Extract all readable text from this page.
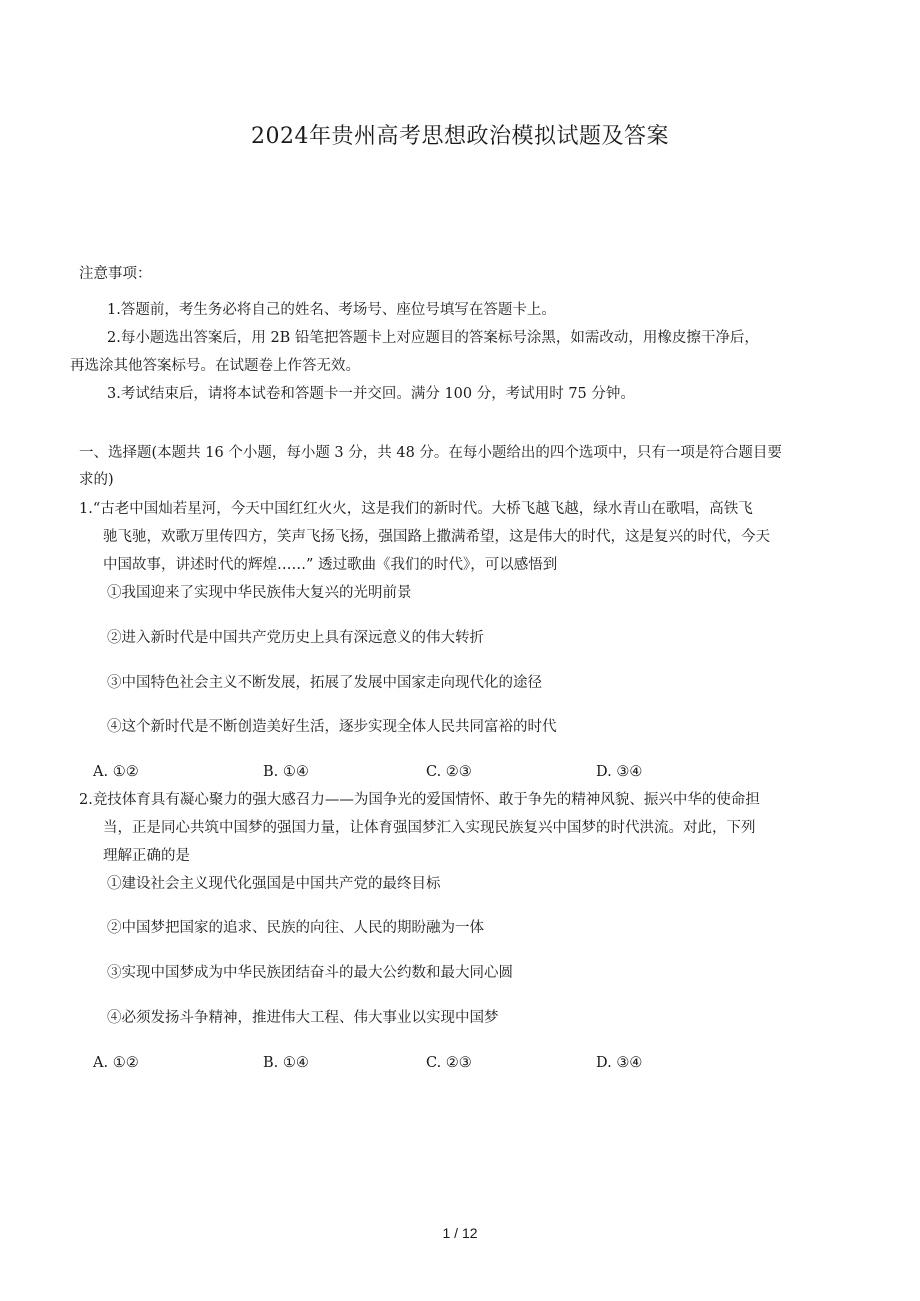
2024年贵州高考思想政治模拟试题及答案
注意事项：
1.答题前，考生务必将自己的姓名、考场号、座位号填写在答题卡上。
2.每小题选出答案后，用 2B 铅笔把答题卡上对应题目的答案标号涂黑，如需改动，用橡皮擦干净后，
再选涂其他答案标号。在试题卷上作答无效。
3.考试结束后，请将本试卷和答题卡一并交回。满分 100 分，考试用时 75 分钟。
一、选择题(本题共 16 个小题，每小题 3 分，共 48 分。在每小题给出的四个选项中，只有一项是符合题目要
求的)
1.“古老中国灿若星河，今天中国红红火火，这是我们的新时代。大桥飞越飞越，绿水青山在歌唱，高铁飞
驰飞驰，欢歌万里传四方，笑声飞扬飞扬，强国路上撒满希望，这是伟大的时代，这是复兴的时代，今天
中国故事，讲述时代的辉煌……” 透过歌曲《我们的时代》，可以感悟到
①我国迎来了实现中华民族伟大复兴的光明前景
②进入新时代是中国共产党历史上具有深远意义的伟大转折
③中国特色社会主义不断发展，拓展了发展中国家走向现代化的途径
④这个新时代是不断创造美好生活，逐步实现全体人民共同富裕的时代
A. ①②	B. ①④	C. ②③	D. ③④
2.竞技体育具有凝心聚力的强大感召力——为国争光的爱国情怀、敢于争先的精神风貌、振兴中华的使命担
当，正是同心共筑中国梦的强国力量，让体育强国梦汇入实现民族复兴中国梦的时代洪流。对此，下列
理解正确的是
①建设社会主义现代化强国是中国共产党的最终目标
②中国梦把国家的追求、民族的向往、人民的期盼融为一体
③实现中国梦成为中华民族团结奋斗的最大公约数和最大同心圆
④必须发扬斗争精神，推进伟大工程、伟大事业以实现中国梦
A. ①②	B. ①④	C. ②③	D. ③④
1 / 12
